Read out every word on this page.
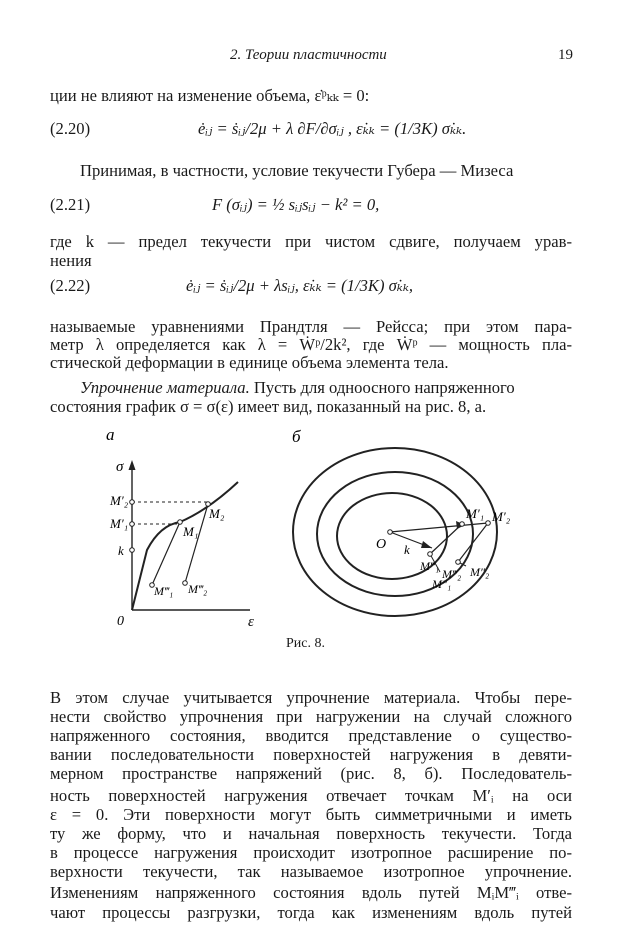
2. Теории пластичности	19
ции не влияют на изменение объема, ε̇ᵖₖₖ = 0:
(2.20)	ėᵢⱼ = ṡᵢⱼ/2μ + λ ∂F/∂σᵢⱼ , ε̇ₖₖ = (1/3K) σ̇ₖₖ.
Принимая, в частности, условие текучести Губера — Мизеса
(2.21)	F (σᵢⱼ) = ½ sᵢⱼsᵢⱼ − k² = 0,
где k — предел текучести при чистом сдвиге, получаем урав-
нения
(2.22)	ėᵢⱼ = ṡᵢⱼ/2μ + λsᵢⱼ, ε̇ₖₖ = (1/3K) σ̇ₖₖ,
называемые уравнениями Прандтля — Рейсса; при этом пара-
метр λ определяется как λ = Ẇᵖ/2k², где Ẇᵖ — мощность пла-
стической деформации в единице объема элемента тела.
Упрочнение материала. Пусть для одноосного напряженного
состояния график σ = σ(ε) имеет вид, показанный на рис. 8, а.
а
σ
ε
0
M′₂
M′₁
k
M₂
M₁
M‴₁ M‴₂
б
O k
M′₁ M′₂
M‴₁
M‴₂
M″₁
M″₂
Рис. 8.
В этом случае учитывается упрочнение материала. Чтобы пере-
нести свойство упрочнения при нагружении на случай сложного
напряженного состояния, вводится представление о существо-
вании последовательности поверхностей нагружения в девяти-
мерном пространстве напряжений (рис. 8, б). Последователь-
ность поверхностей нагружения отвечает точкам M′ᵢ на оси
ε = 0. Эти поверхности могут быть симметричными и иметь
ту же форму, что и начальная поверхность текучести. Тогда
в процессе нагружения происходит изотропное расширение по-
верхности текучести, так называемое изотропное упрочнение.
Изменениям напряженного состояния вдоль путей MᵢM‴ᵢ отве-
чают процессы разгрузки, тогда как изменениям вдоль путей
